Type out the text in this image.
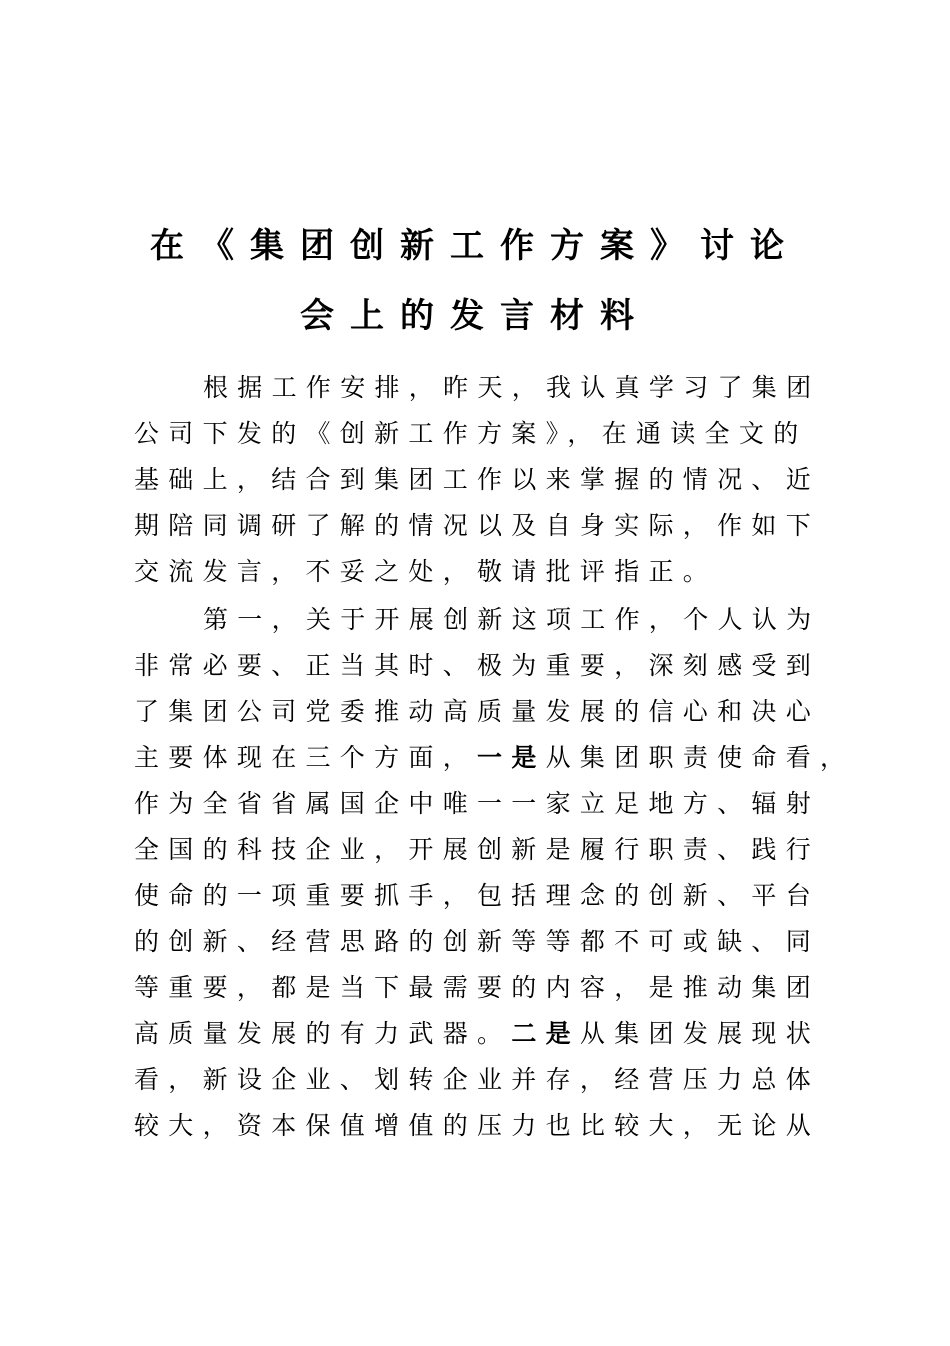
在《集团创新工作方案》讨论
会上的发言材料
根据工作安排，昨天，我认真学习了集团
公司下发的《创新工作方案》，在通读全文的
基础上，结合到集团工作以来掌握的情况、近
期陪同调研了解的情况以及自身实际，作如下
交流发言，不妥之处，敬请批评指正。
第一，关于开展创新这项工作，个人认为
非常必要、正当其时、极为重要，深刻感受到
了集团公司党委推动高质量发展的信心和决心
主要体现在三个方面，一是从集团职责使命看，
作为全省省属国企中唯一一家立足地方、辐射
全国的科技企业，开展创新是履行职责、践行
使命的一项重要抓手，包括理念的创新、平台
的创新、经营思路的创新等等都不可或缺、同
等重要，都是当下最需要的内容，是推动集团
高质量发展的有力武器。二是从集团发展现状
看，新设企业、划转企业并存，经营压力总体
较大，资本保值增值的压力也比较大，无论从
